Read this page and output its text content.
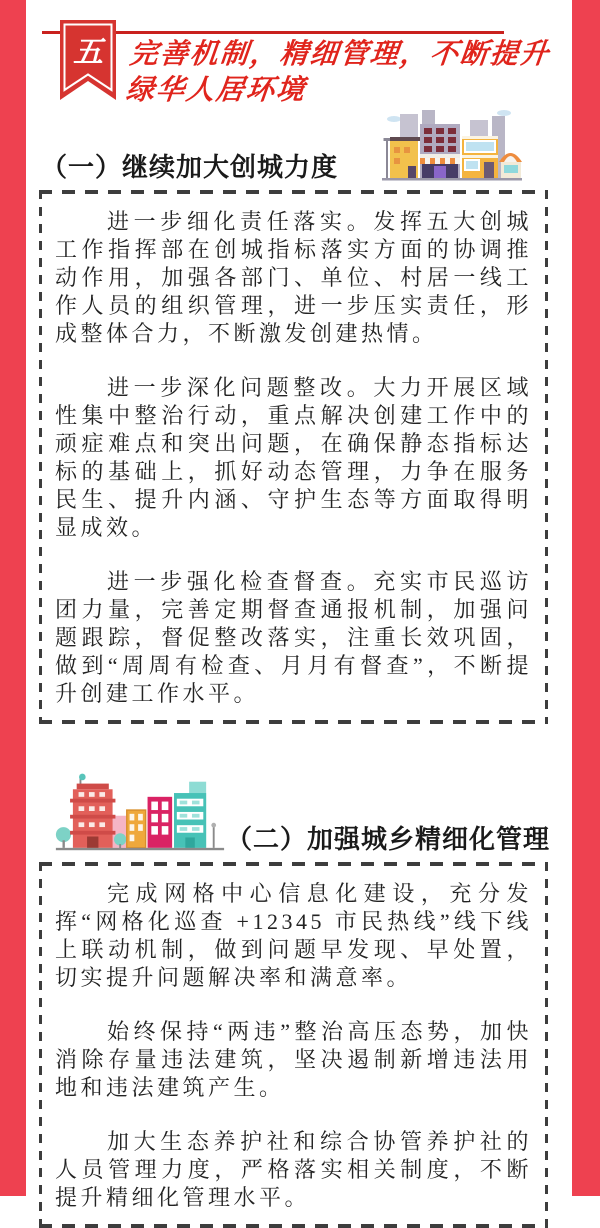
五 完善机制，精细管理，不断提升
绿华人居环境
（一）继续加大创城力度

进一步细化责任落实。发挥五大创城工作指挥部在创城指标落实方面的协调推动作用，加强各部门、单位、村居一线工作人员的组织管理，进一步压实责任，形成整体合力，不断激发创建热情。

进一步深化问题整改。大力开展区域性集中整治行动，重点解决创建工作中的顽症难点和突出问题，在确保静态指标达标的基础上，抓好动态管理，力争在服务民生、提升内涵、守护生态等方面取得明显成效。

进一步强化检查督查。充实市民巡访团力量，完善定期督查通报机制，加强问题跟踪，督促整改落实，注重长效巩固，做到“周周有检查、月月有督查”，不断提升创建工作水平。

（二）加强城乡精细化管理

完成网格中心信息化建设，充分发挥“网格化巡查 +12345 市民热线”线下线上联动机制，做到问题早发现、早处置，切实提升问题解决率和满意率。

始终保持“两违”整治高压态势，加快消除存量违法建筑，坚决遏制新增违法用地和违法建筑产生。

加大生态养护社和综合协管养护社的人员管理力度，严格落实相关制度，不断提升精细化管理水平。
